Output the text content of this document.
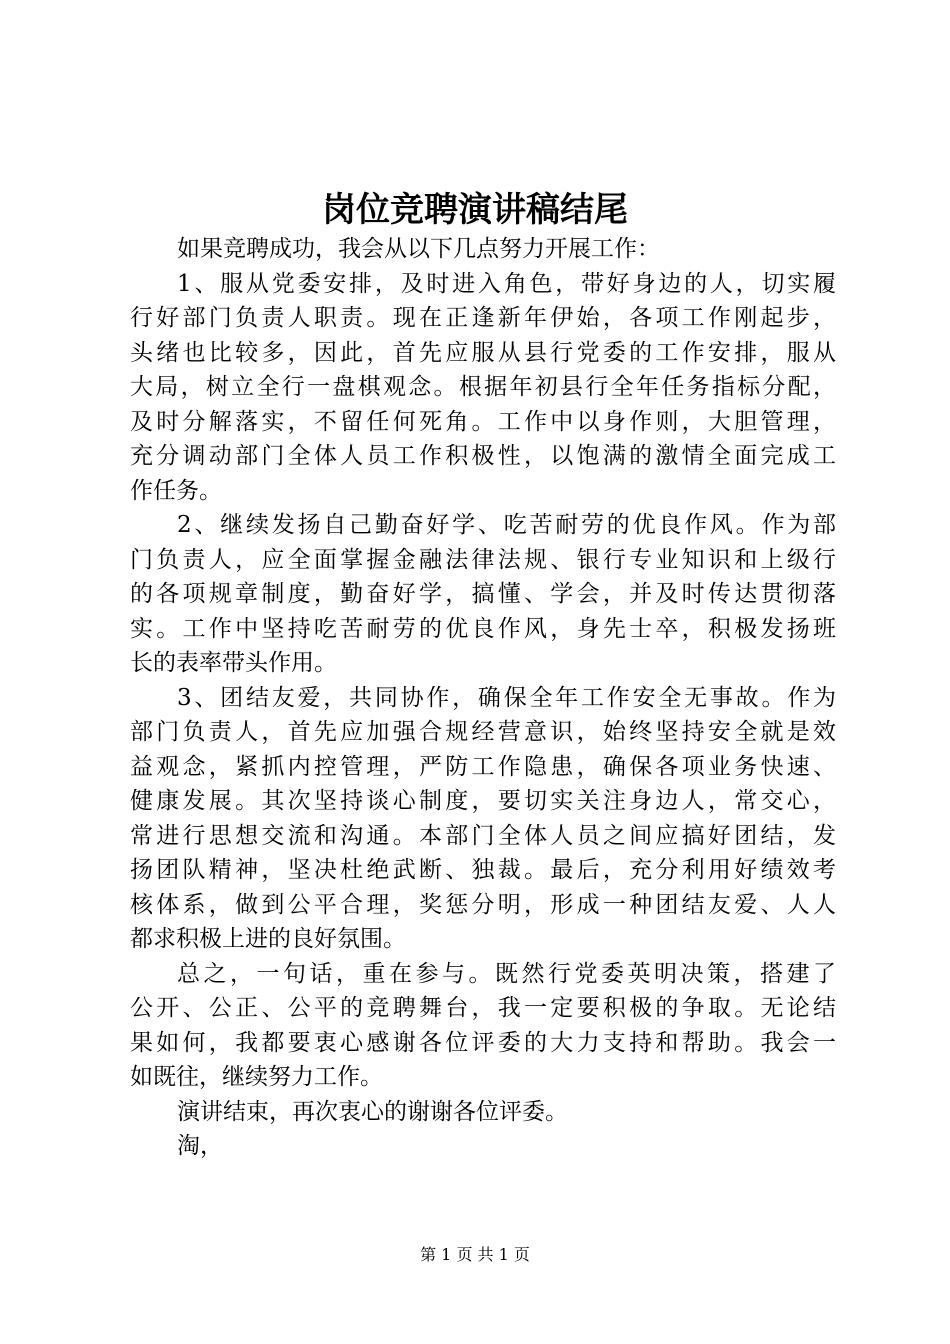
岗位竞聘演讲稿结尾
如果竞聘成功，我会从以下几点努力开展工作：
1、服从党委安排，及时进入角色，带好身边的人，切实履
行好部门负责人职责。现在正逢新年伊始，各项工作刚起步，
头绪也比较多，因此，首先应服从县行党委的工作安排，服从
大局，树立全行一盘棋观念。根据年初县行全年任务指标分配，
及时分解落实，不留任何死角。工作中以身作则，大胆管理，
充分调动部门全体人员工作积极性，以饱满的激情全面完成工
作任务。
2、继续发扬自己勤奋好学、吃苦耐劳的优良作风。作为部
门负责人，应全面掌握金融法律法规、银行专业知识和上级行
的各项规章制度，勤奋好学，搞懂、学会，并及时传达贯彻落
实。工作中坚持吃苦耐劳的优良作风，身先士卒，积极发扬班
长的表率带头作用。
3、团结友爱，共同协作，确保全年工作安全无事故。作为
部门负责人，首先应加强合规经营意识，始终坚持安全就是效
益观念，紧抓内控管理，严防工作隐患，确保各项业务快速、
健康发展。其次坚持谈心制度，要切实关注身边人，常交心，
常进行思想交流和沟通。本部门全体人员之间应搞好团结，发
扬团队精神，坚决杜绝武断、独裁。最后，充分利用好绩效考
核体系，做到公平合理，奖惩分明，形成一种团结友爱、人人
都求积极上进的良好氛围。
总之，一句话，重在参与。既然行党委英明决策，搭建了
公开、公正、公平的竞聘舞台，我一定要积极的争取。无论结
果如何，我都要衷心感谢各位评委的大力支持和帮助。我会一
如既往，继续努力工作。
演讲结束，再次衷心的谢谢各位评委。
淘，
第 1 页 共 1 页
